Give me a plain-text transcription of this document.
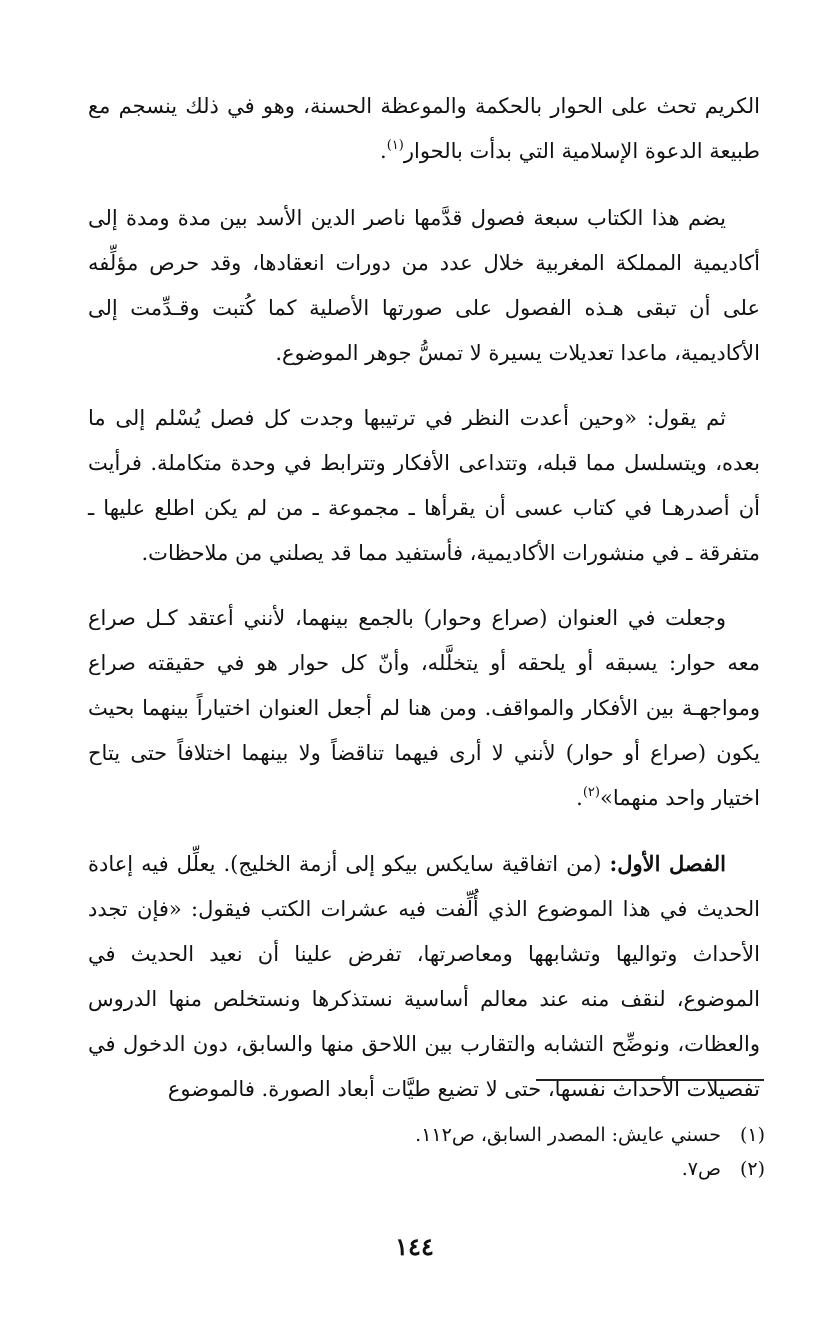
الكريم تحث على الحوار بالحكمة والموعظة الحسنة، وهو في ذلك ينسجم مع طبيعة الدعوة الإسلامية التي بدأت بالحوار$^{(١)}$.

يضم هذا الكتاب سبعة فصول قدَّمها ناصر الدين الأسد بين مدة ومدة إلى أكاديمية المملكة المغربية خلال عدد من دورات انعقادها، وقد حرص مؤلِّفه على أن تبقى هـذه الفصول على صورتها الأصلية كما كُتبت وقـدِّمت إلى الأكاديمية، ماعدا تعديلات يسيرة لا تمسُّ جوهر الموضوع.

ثم يقول: «وحين أعدت النظر في ترتيبها وجدت كل فصل يُسْلم إلى ما بعده، ويتسلسل مما قبله، وتتداعى الأفكار وتترابط في وحدة متكاملة. فرأيت أن أصدرهـا في كتاب عسى أن يقرأها ـ مجموعة ـ من لم يكن اطلع عليها ـ متفرقة ـ في منشورات الأكاديمية، فأستفيد مما قد يصلني من ملاحظات.

وجعلت في العنوان (صراع وحوار) بالجمع بينهما، لأنني أعتقد كـل صراع معه حوار: يسبقه أو يلحقه أو يتخلَّله، وأنّ كل حوار هو في حقيقته صراع ومواجهـة بين الأفكار والمواقف. ومن هنا لم أجعل العنوان اختياراً بينهما بحيث يكون (صراع أو حوار) لأنني لا أرى فيهما تناقضاً ولا بينهما اختلافاً حتى يتاح اختيار واحد منهما»$^{(٢)}$.

الفصل الأول: (من اتفاقية سايكس بيكو إلى أزمة الخليج). يعلِّل فيه إعادة الحديث في هذا الموضوع الذي أُلِّفت فيه عشرات الكتب فيقول: «فإن تجدد الأحداث وتواليها وتشابهها ومعاصرتها، تفرض علينا أن نعيد الحديث في الموضوع، لنقف منه عند معالم أساسية نستذكرها ونستخلص منها الدروس والعظات، ونوضِّح التشابه والتقارب بين اللاحق منها والسابق، دون الدخول في تفصيلات الأحداث نفسها، حتى لا تضيع طيَّات أبعاد الصورة. فالموضوع

(١)حسني عايش: المصدر السابق، ص١١٢.
(٢)ص٧.
١٤٤
